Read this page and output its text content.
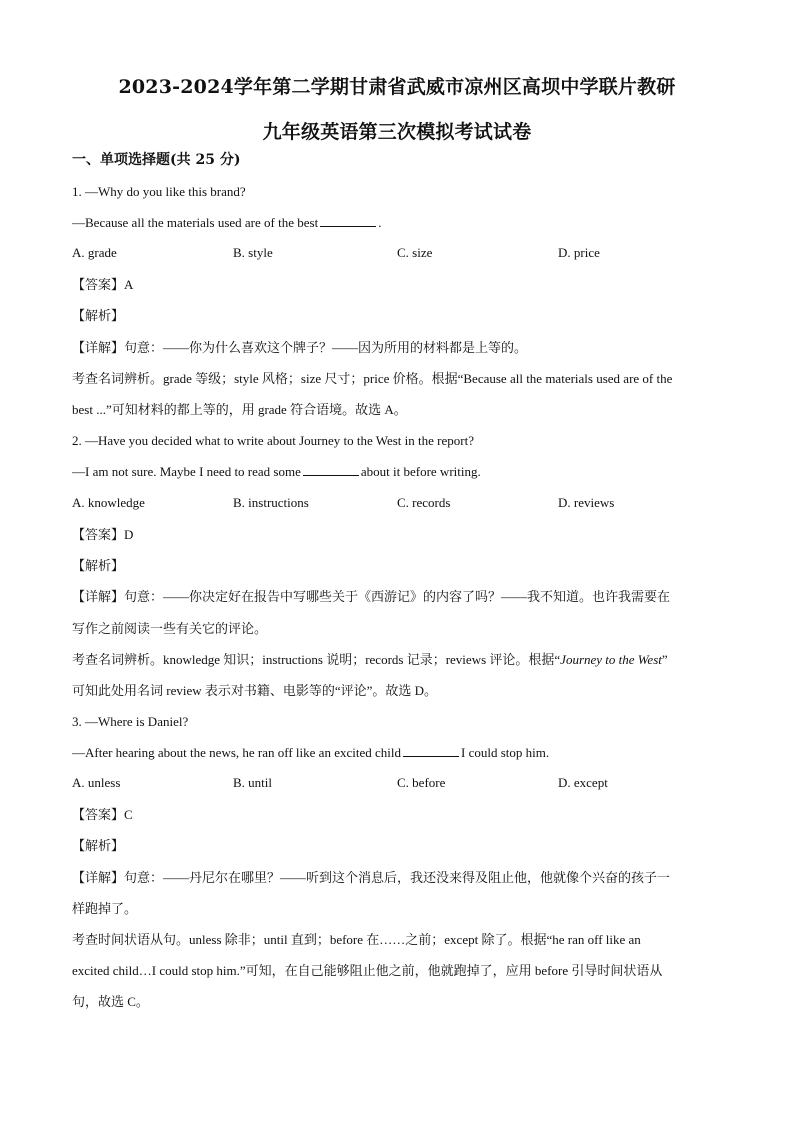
2023-2024学年第二学期甘肃省武威市凉州区高坝中学联片教研
九年级英语第三次模拟考试试卷
一、单项选择题(共 25 分)
1. —Why do you like this brand?
—Because all the materials used are of the best	.
A. grade	B. style	C. size	D. price
【答案】A
【解析】
【详解】句意：——你为什么喜欢这个牌子？——因为所用的材料都是上等的。
考查名词辨析。grade 等级；style 风格；size 尺寸；price 价格。根据“Because all the materials used are of the
best ...”可知材料的都上等的，用 grade 符合语境。故选 A。
2. —Have you decided what to write about Journey to the West in the report?
—I am not sure. Maybe I need to read some	about it before writing.
A. knowledge	B. instructions	C. records	D. reviews
【答案】D
【解析】
【详解】句意：——你决定好在报告中写哪些关于《西游记》的内容了吗？——我不知道。也许我需要在
写作之前阅读一些有关它的评论。
考查名词辨析。knowledge 知识；instructions 说明；records 记录；reviews 评论。根据“Journey to the West”
可知此处用名词 review 表示对书籍、电影等的“评论”。故选 D。
3. —Where is Daniel?
—After hearing about the news, he ran off like an excited child	I could stop him.
A. unless	B. until	C. before	D. except
【答案】C
【解析】
【详解】句意：——丹尼尔在哪里？——听到这个消息后，我还没来得及阻止他，他就像个兴奋的孩子一
样跑掉了。
考查时间状语从句。unless 除非；until 直到；before 在……之前；except 除了。根据“he ran off like an
excited child…I could stop him.”可知，在自己能够阻止他之前，他就跑掉了，应用 before 引导时间状语从
句，故选 C。
